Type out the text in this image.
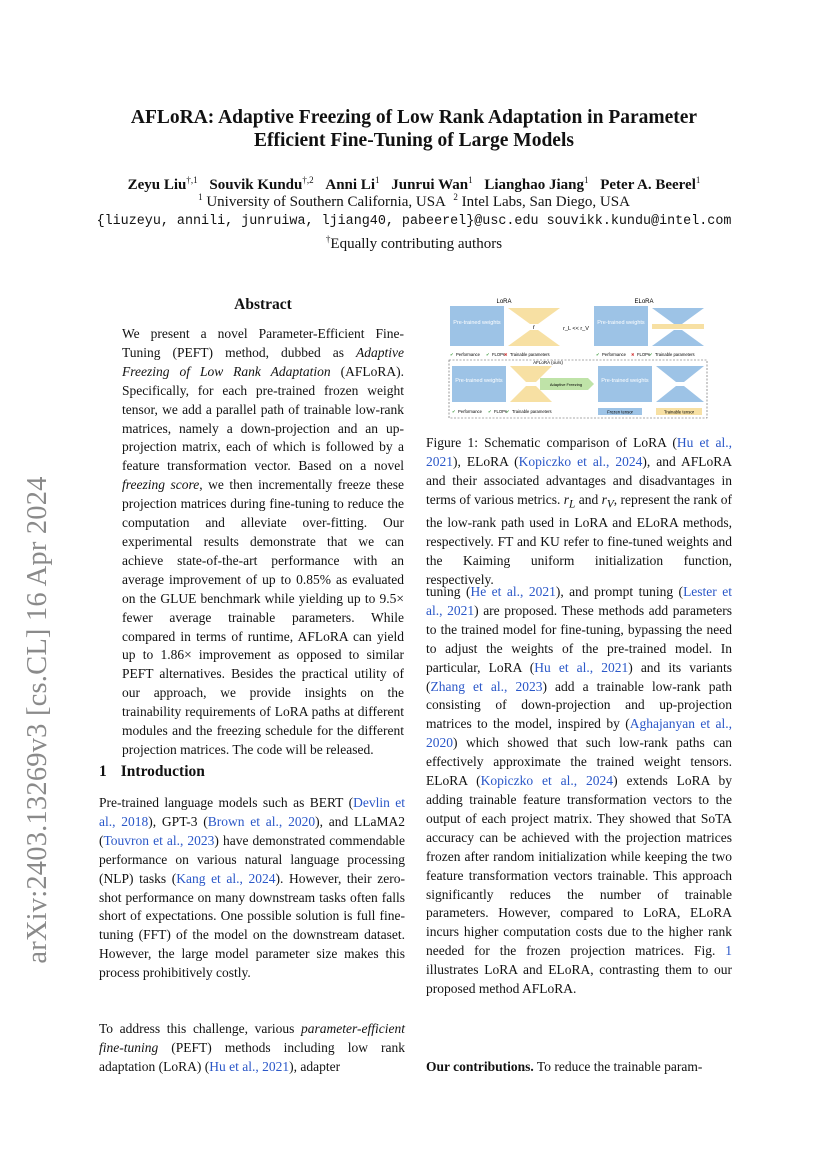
AFLoRA: Adaptive Freezing of Low Rank Adaptation in Parameter
Efficient Fine-Tuning of Large Models
Zeyu Liu$^{\dagger,1}$ Souvik Kundu$^{\dagger,2}$ Anni Li$^1$ Junrui Wan$^1$ Lianghao Jiang$^1$ Peter A. Beerel$^1$
$^1$ University of Southern California, USA $^2$ Intel Labs, San Diego, USA
{liuzeyu, annili, junruiwa, ljiang40, pabeerel}@usc.edu souvikk.kundu@intel.com
†Equally contributing authors
arXiv:2403.13269v3 [cs.CL] 16 Apr 2024
Abstract
We present a novel Parameter-Efficient Fine-Tuning (PEFT) method, dubbed as Adaptive Freezing of Low Rank Adaptation (AFLoRA). Specifically, for each pre-trained frozen weight tensor, we add a parallel path of trainable low-rank matrices, namely a down-projection and an up-projection matrix, each of which is followed by a feature transformation vector. Based on a novel freezing score, we then incrementally freeze these projection matrices during fine-tuning to reduce the computation and alleviate over-fitting. Our experimental results demonstrate that we can achieve state-of-the-art performance with an average improvement of up to 0.85% as evaluated on the GLUE benchmark while yielding up to 9.5× fewer average trainable parameters. While compared in terms of runtime, AFLoRA can yield up to 1.86× improvement as opposed to similar PEFT alternatives. Besides the practical utility of our approach, we provide insights on the trainability requirements of LoRA paths at different modules and the freezing schedule for the different projection matrices. The code will be released.
1 Introduction
Pre-trained language models such as BERT (Devlin et al., 2018), GPT-3 (Brown et al., 2020), and LLaMA2 (Touvron et al., 2023) have demonstrated commendable performance on various natural language processing (NLP) tasks (Kang et al., 2024). However, their zero-shot performance on many downstream tasks often falls short of expectations. One possible solution is full fine-tuning (FFT) of the model on the downstream dataset. However, the large model parameter size makes this process prohibitively costly.
To address this challenge, various parameter-efficient fine-tuning (PEFT) methods including low rank adaptation (LoRA) (Hu et al., 2021), adapter
LoRA	ELoRA
Pre-trained weights
r	r_L << r_V
Pre-trained weights
✔ Performance ✔ FLOPs
✖ Trainable parameters	✔ Performance ✖ FLOPs
✔ Trainable parameters
Pre-trained weights
AFLoRA (ours)
Adaptive Freezing
Pre-trained weights
✔ Performance ✔ FLOPs
✔ Trainable parameters	Frozen tensor	Trainable tensor
Figure 1: Schematic comparison of LoRA (Hu et al., 2021), ELoRA (Kopiczko et al., 2024), and AFLoRA and their associated advantages and disadvantages in terms of various metrics. $r_L$ and $r_V$, represent the rank of the low-rank path used in LoRA and ELoRA methods, respectively. FT and KU refer to fine-tuned weights and the Kaiming uniform initialization function, respectively.
tuning (He et al., 2021), and prompt tuning (Lester et al., 2021) are proposed. These methods add parameters to the trained model for fine-tuning, bypassing the need to adjust the weights of the pre-trained model. In particular, LoRA (Hu et al., 2021) and its variants (Zhang et al., 2023) add a trainable low-rank path consisting of down-projection and up-projection matrices to the model, inspired by (Aghajanyan et al., 2020) which showed that such low-rank paths can effectively approximate the trained weight tensors. ELoRA (Kopiczko et al., 2024) extends LoRA by adding trainable feature transformation vectors to the output of each project matrix. They showed that SoTA accuracy can be achieved with the projection matrices frozen after random initialization while keeping the two feature transformation vectors trainable. This approach significantly reduces the number of trainable parameters. However, compared to LoRA, ELoRA incurs higher computation costs due to the higher rank needed for the frozen projection matrices. Fig. 1 illustrates LoRA and ELoRA, contrasting them to our proposed method AFLoRA.
Our contributions. To reduce the trainable param-
